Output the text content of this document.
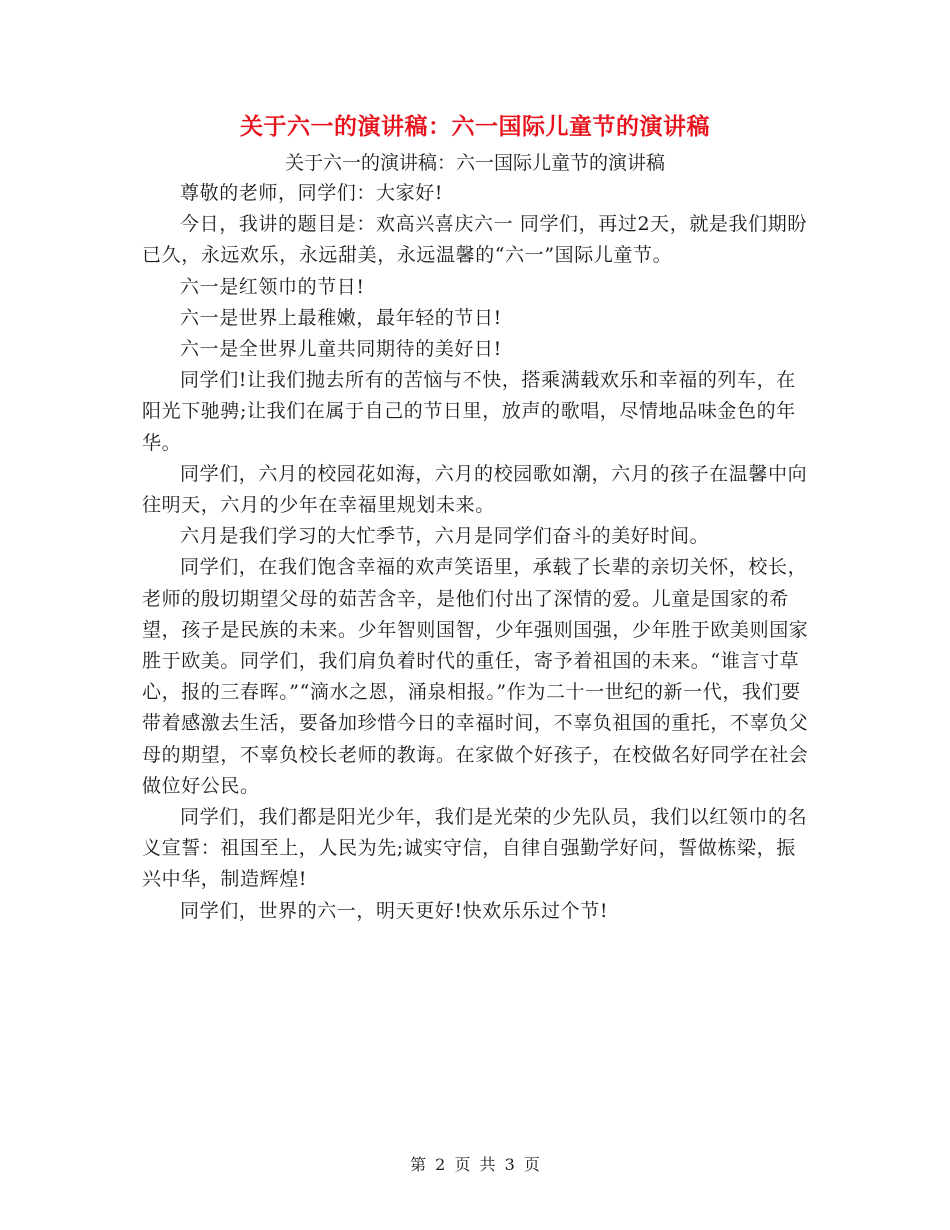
关于六一的演讲稿：六一国际儿童节的演讲稿
关于六一的演讲稿：六一国际儿童节的演讲稿

尊敬的老师，同学们：大家好!

今日，我讲的题目是：欢高兴喜庆六一 同学们，再过2天，就是我们期盼已久，永远欢乐，永远甜美，永远温馨的“六一”国际儿童节。

六一是红领巾的节日!

六一是世界上最稚嫩，最年轻的节日!

六一是全世界儿童共同期待的美好日!

同学们!让我们抛去所有的苦恼与不快，搭乘满载欢乐和幸福的列车，在阳光下驰骋;让我们在属于自己的节日里，放声的歌唱，尽情地品味金色的年华。

同学们，六月的校园花如海，六月的校园歌如潮，六月的孩子在温馨中向往明天，六月的少年在幸福里规划未来。

六月是我们学习的大忙季节，六月是同学们奋斗的美好时间。

同学们，在我们饱含幸福的欢声笑语里，承载了长辈的亲切关怀，校长，老师的殷切期望父母的茹苦含辛，是他们付出了深情的爱。儿童是国家的希望，孩子是民族的未来。少年智则国智，少年强则国强，少年胜于欧美则国家胜于欧美。同学们，我们肩负着时代的重任，寄予着祖国的未来。“谁言寸草心，报的三春晖。”“滴水之恩，涌泉相报。”作为二十一世纪的新一代，我们要带着感激去生活，要备加珍惜今日的幸福时间，不辜负祖国的重托，不辜负父母的期望，不辜负校长老师的教诲。在家做个好孩子，在校做名好同学在社会做位好公民。

同学们，我们都是阳光少年，我们是光荣的少先队员，我们以红领巾的名义宣誓：祖国至上，人民为先;诚实守信，自律自强勤学好问，誓做栋梁，振兴中华，制造辉煌!

同学们，世界的六一，明天更好!快欢乐乐过个节!

第 2 页 共 3 页
